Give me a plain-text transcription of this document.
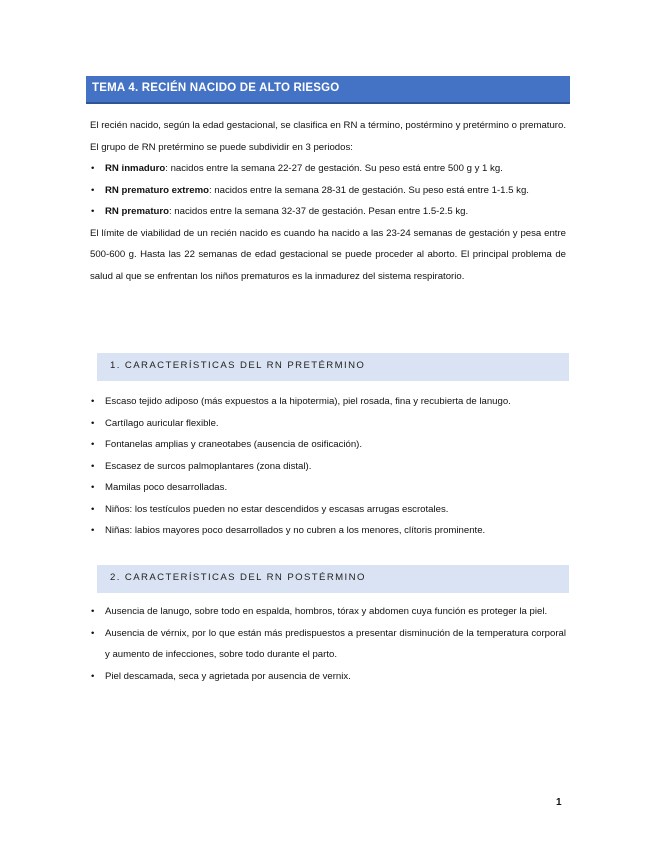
TEMA 4. RECIÉN NACIDO DE ALTO RIESGO

El recién nacido, según la edad gestacional, se clasifica en RN a término, postérmino y pretérmino o prematuro. El grupo de RN pretérmino se puede subdividir en 3 periodos:

• RN inmaduro: nacidos entre la semana 22-27 de gestación. Su peso está entre 500 g y 1 kg.
• RN prematuro extremo: nacidos entre la semana 28-31 de gestación. Su peso está entre 1-1.5 kg.
• RN prematuro: nacidos entre la semana 32-37 de gestación. Pesan entre 1.5-2.5 kg.

El límite de viabilidad de un recién nacido es cuando ha nacido a las 23-24 semanas de gestación y pesa entre 500-600 g. Hasta las 22 semanas de edad gestacional se puede proceder al aborto. El principal problema de salud al que se enfrentan los niños prematuros es la inmadurez del sistema respiratorio.

1. CARACTERÍSTICAS DEL RN PRETÉRMINO
• Escaso tejido adiposo (más expuestos a la hipotermia), piel rosada, fina y recubierta de lanugo.
• Cartílago auricular flexible.
• Fontanelas amplias y craneotabes (ausencia de osificación).
• Escasez de surcos palmoplantares (zona distal).
• Mamilas poco desarrolladas.
• Niños: los testículos pueden no estar descendidos y escasas arrugas escrotales.
• Niñas: labios mayores poco desarrollados y no cubren a los menores, clítoris prominente.
2. CARACTERÍSTICAS DEL RN POSTÉRMINO
• Ausencia de lanugo, sobre todo en espalda, hombros, tórax y abdomen cuya función es proteger la piel.
• Ausencia de vérnix, por lo que están más predispuestos a presentar disminución de la temperatura corporal y aumento de infecciones, sobre todo durante el parto.
• Piel descamada, seca y agrietada por ausencia de vernix.
1
